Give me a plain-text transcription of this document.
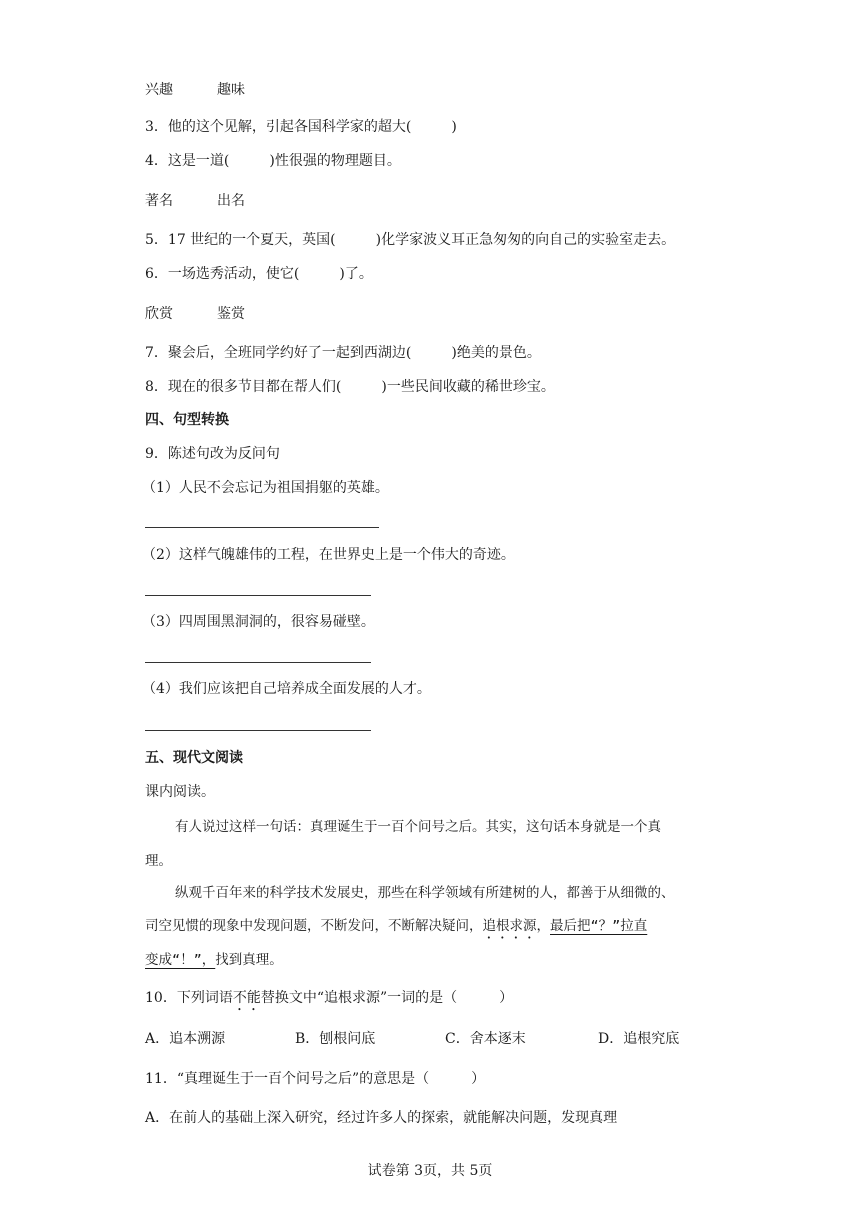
兴趣	趣味
3．他的这个见解，引起各国科学家的超大(	)
4．这是一道(	)性很强的物理题目。
著名	出名
5．17 世纪的一个夏天，英国(	)化学家波义耳正急匆匆的向自己的实验室走去。
6．一场选秀活动，使它(	)了。
欣赏	鉴赏
7．聚会后，全班同学约好了一起到西湖边(	)绝美的景色。
8．现在的很多节目都在帮人们(	)一些民间收藏的稀世珍宝。
四、句型转换
9．陈述句改为反问句
（1）人民不会忘记为祖国捐躯的英雄。
（2）这样气魄雄伟的工程，在世界史上是一个伟大的奇迹。
（3）四周围黑洞洞的，很容易碰壁。
（4）我们应该把自己培养成全面发展的人才。
五、现代文阅读
课内阅读。
有人说过这样一句话：真理诞生于一百个问号之后。其实，这句话本身就是一个真
理。
纵观千百年来的科学技术发展史，那些在科学领域有所建树的人，都善于从细微的、
司空见惯的现象中发现问题，不断发问，不断解决疑问，追根求源，最后把“？”拉直
变成“！”，找到真理。
10．下列词语不能替换文中“追根求源”一词的是（　　　）
A．追本溯源	B．刨根问底	C．舍本逐末	D．追根究底
11．“真理诞生于一百个问号之后”的意思是（　　　）
A．在前人的基础上深入研究，经过许多人的探索，就能解决问题，发现真理
试卷第 3页，共 5页
